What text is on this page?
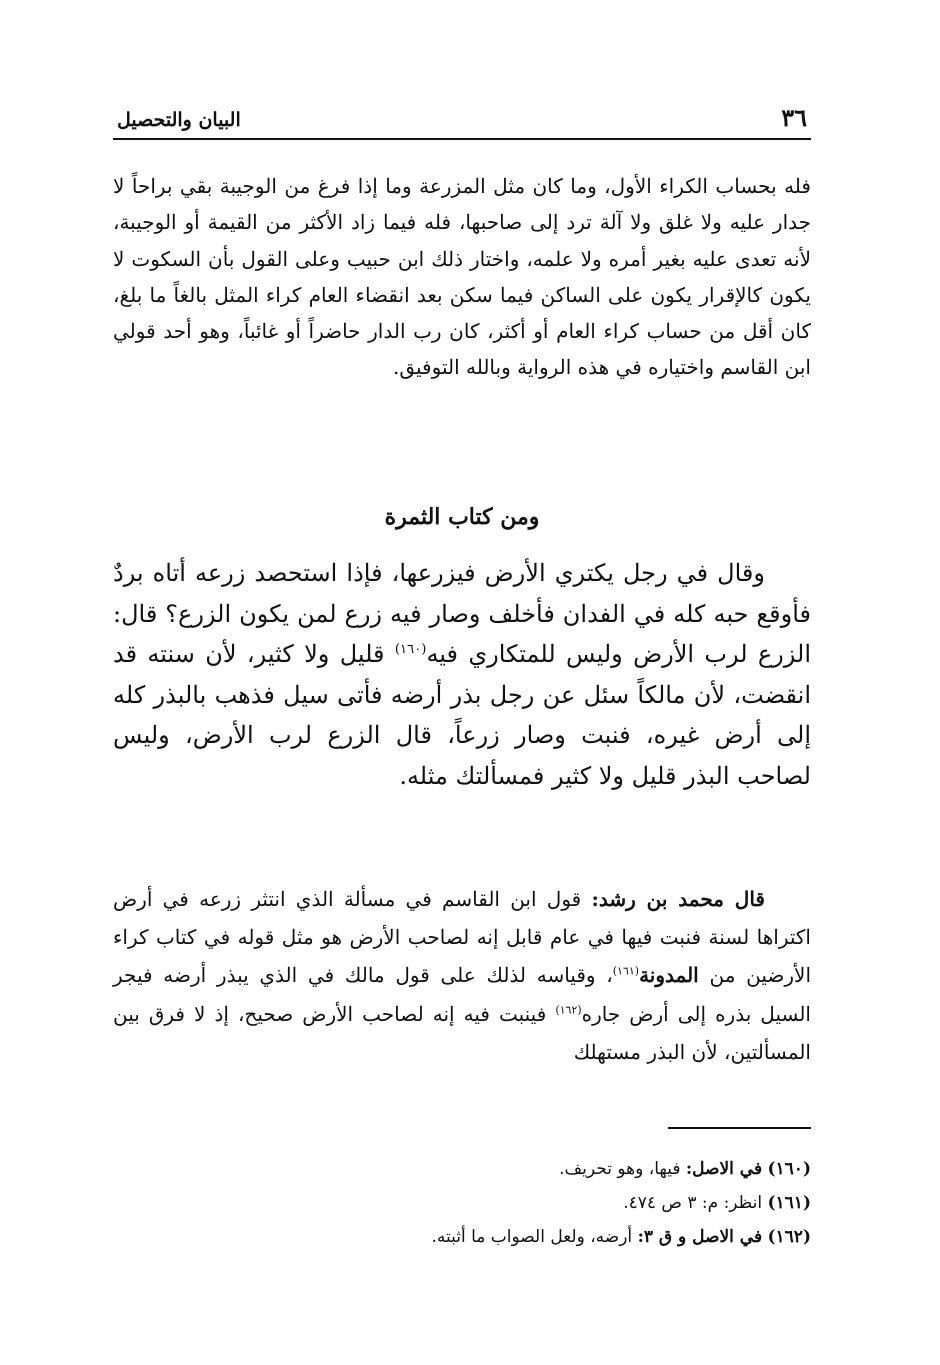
٣٦
البيان والتحصيل

فله بحساب الكراء الأول، وما كان مثل المزرعة وما إذا فرغ من الوجيبة بقي براحاً لا جدار عليه ولا غلق ولا آلة ترد إلى صاحبها، فله فيما زاد الأكثر من القيمة أو الوجيبة، لأنه تعدى عليه بغير أمره ولا علمه، واختار ذلك ابن حبيب وعلى القول بأن السكوت لا يكون كالإقرار يكون على الساكن فيما سكن بعد انقضاء العام كراء المثل بالغاً ما بلغ، كان أقل من حساب كراء العام أو أكثر، كان رب الدار حاضراً أو غائباً، وهو أحد قولي ابن القاسم واختياره في هذه الرواية وبالله التوفيق.

ومن كتاب الثمرة

وقال في رجل يكتري الأرض فيزرعها، فإذا استحصد زرعه أتاه بردٌ فأوقع حبه كله في الفدان فأخلف وصار فيه زرع لمن يكون الزرع؟ قال: الزرع لرب الأرض وليس للمتكاري فيه$^{(١٦٠)}$ قليل ولا كثير، لأن سنته قد انقضت، لأن مالكاً سئل عن رجل بذر أرضه فأتى سيل فذهب بالبذر كله إلى أرض غيره، فنبت وصار زرعاً، قال الزرع لرب الأرض، وليس لصاحب البذر قليل ولا كثير فمسألتك مثله.

قال محمد بن رشد: قول ابن القاسم في مسألة الذي انتثر زرعه في أرض اكتراها لسنة فنبت فيها في عام قابل إنه لصاحب الأرض هو مثل قوله في كتاب كراء الأرضين من المدونة$^{(١٦١)}$، وقياسه لذلك على قول مالك في الذي يبذر أرضه فيجر السيل بذره إلى أرض جاره$^{(١٦٢)}$ فينبت فيه إنه لصاحب الأرض صحيح، إذ لا فرق بين المسألتين، لأن البذر مستهلك

(١٦٠) في الاصل: فيها، وهو تحريف.
(١٦١) انظر: م: ٣ ص ٤٧٤.
(١٦٢) في الاصل و ق ٣: أرضه، ولعل الصواب ما أثبته.
